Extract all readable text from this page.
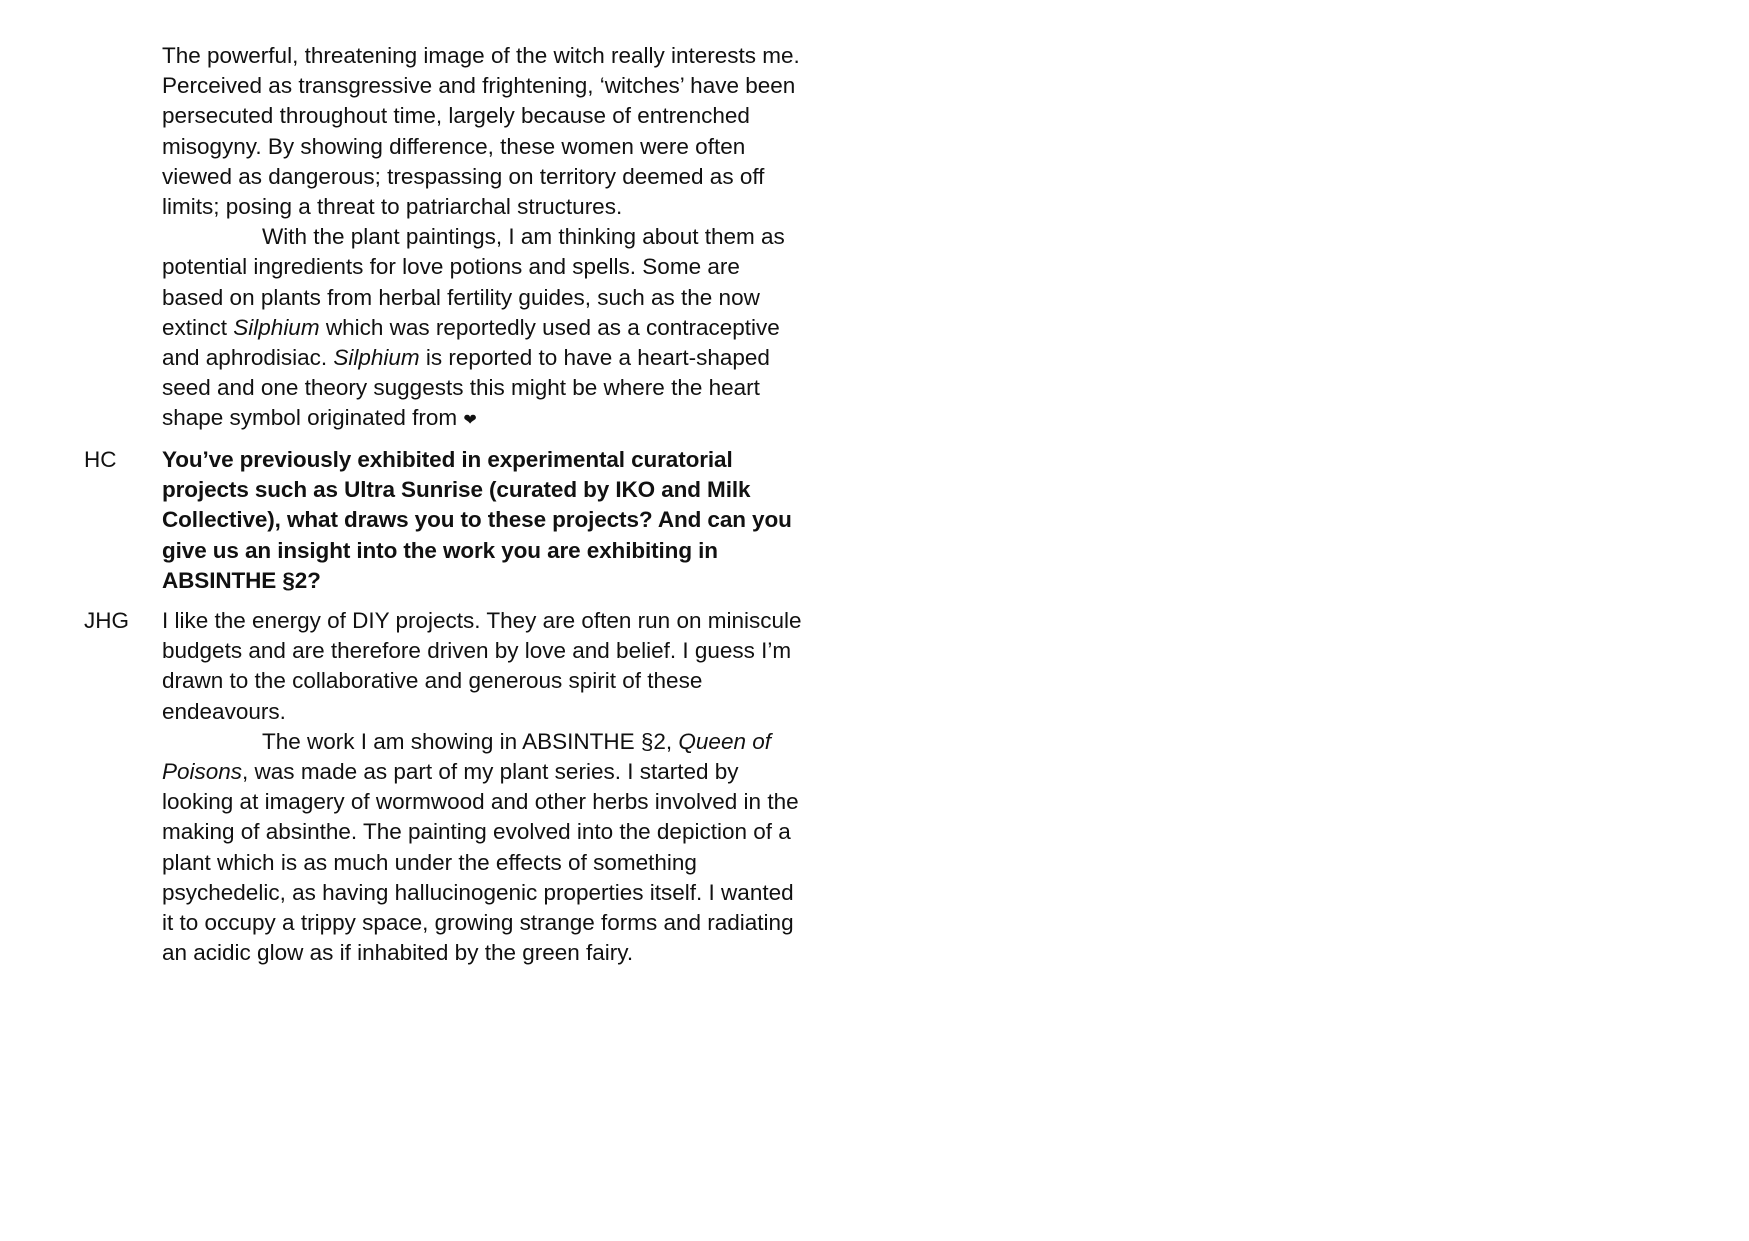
The powerful, threatening image of the witch really interests me. Perceived as transgressive and frightening, ‘witches’ have been persecuted throughout time, largely because of entrenched misogyny. By showing difference, these women were often viewed as dangerous; trespassing on territory deemed as off limits; posing a threat to patriarchal structures.

With the plant paintings, I am thinking about them as potential ingredients for love potions and spells. Some are based on plants from herbal fertility guides, such as the now extinct Silphium which was reportedly used as a contraceptive and aphrodisiac. Silphium is reported to have a heart-shaped seed and one theory suggests this might be where the heart shape symbol originated from ❤

HC You’ve previously exhibited in experimental curatorial projects such as Ultra Sunrise (curated by IKO and Milk Collective), what draws you to these projects? And can you give us an insight into the work you are exhibiting in ABSINTHE §2?

JHG I like the energy of DIY projects. They are often run on miniscule budgets and are therefore driven by love and belief. I guess I’m drawn to the collaborative and generous spirit of these endeavours.

The work I am showing in ABSINTHE §2, Queen of Poisons, was made as part of my plant series. I started by looking at imagery of wormwood and other herbs involved in the making of absinthe. The painting evolved into the depiction of a plant which is as much under the effects of something psychedelic, as having hallucinogenic properties itself. I wanted it to occupy a trippy space, growing strange forms and radiating an acidic glow as if inhabited by the green fairy.
